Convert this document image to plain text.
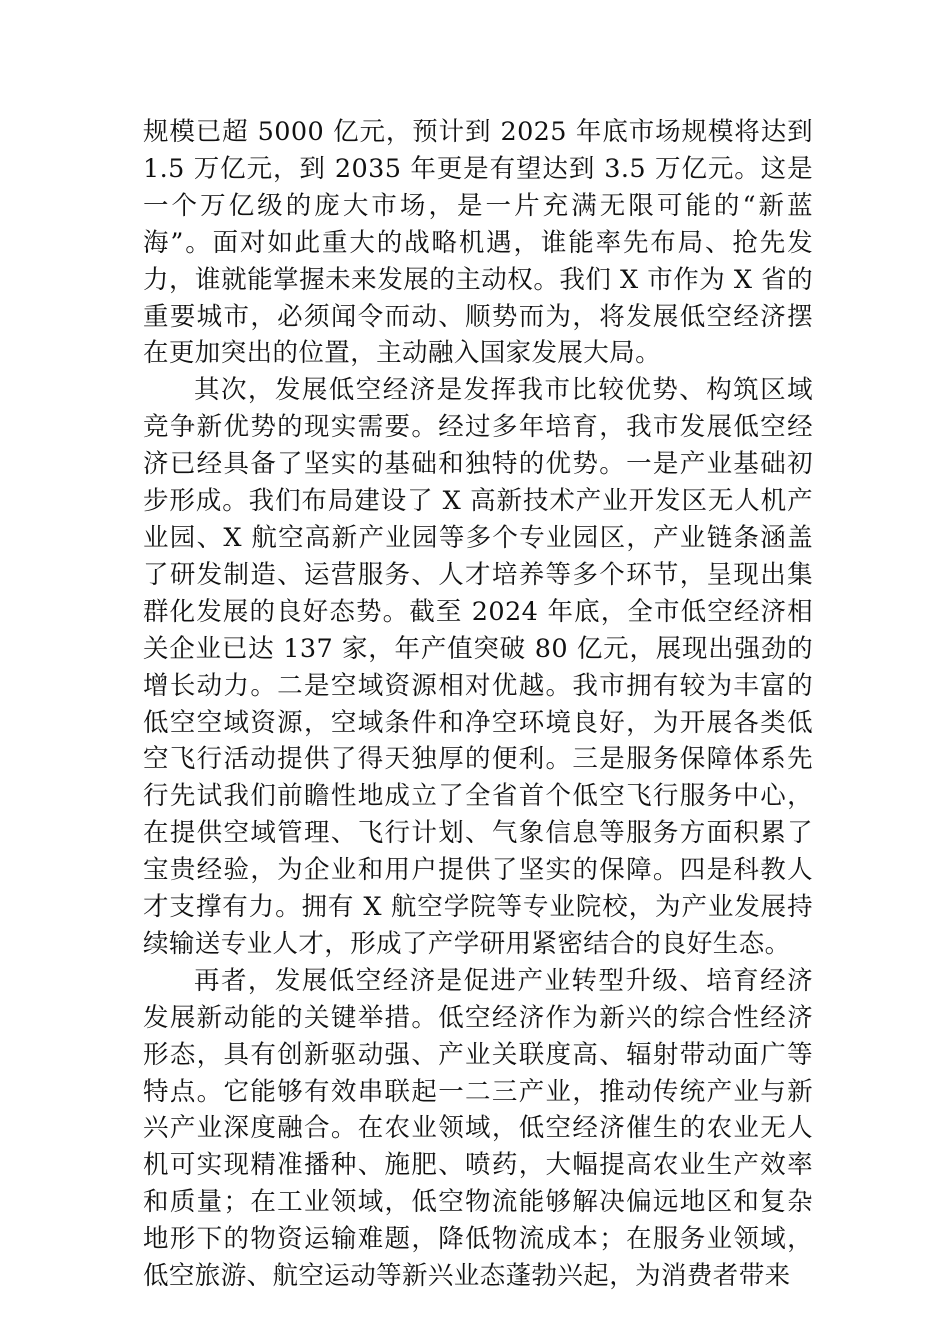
规模已超 5000 亿元，预计到 2025 年底市场规模将达到 1.5 万亿元，到 2035 年更是有望达到 3.5 万亿元。这是一个万亿级的庞大市场，是一片充满无限可能的“新蓝海”。面对如此重大的战略机遇，谁能率先布局、抢先发力，谁就能掌握未来发展的主动权。我们 X 市作为 X 省的重要城市，必须闻令而动、顺势而为，将发展低空经济摆在更加突出的位置，主动融入国家发展大局。

其次，发展低空经济是发挥我市比较优势、构筑区域竞争新优势的现实需要。经过多年培育，我市发展低空经济已经具备了坚实的基础和独特的优势。一是产业基础初步形成。我们布局建设了 X 高新技术产业开发区无人机产业园、X 航空高新产业园等多个专业园区，产业链条涵盖了研发制造、运营服务、人才培养等多个环节，呈现出集群化发展的良好态势。截至 2024 年底，全市低空经济相关企业已达 137 家，年产值突破 80 亿元，展现出强劲的增长动力。二是空域资源相对优越。我市拥有较为丰富的低空空域资源，空域条件和净空环境良好，为开展各类低空飞行活动提供了得天独厚的便利。三是服务保障体系先行先试我们前瞻性地成立了全省首个低空飞行服务中心，在提供空域管理、飞行计划、气象信息等服务方面积累了宝贵经验，为企业和用户提供了坚实的保障。四是科教人才支撑有力。拥有 X 航空学院等专业院校，为产业发展持续输送专业人才，形成了产学研用紧密结合的良好生态。

再者，发展低空经济是促进产业转型升级、培育经济发展新动能的关键举措。低空经济作为新兴的综合性经济形态，具有创新驱动强、产业关联度高、辐射带动面广等特点。它能够有效串联起一二三产业，推动传统产业与新兴产业深度融合。在农业领域，低空经济催生的农业无人机可实现精准播种、施肥、喷药，大幅提高农业生产效率和质量；在工业领域，低空物流能够解决偏远地区和复杂地形下的物资运输难题，降低物流成本；在服务业领域，低空旅游、航空运动等新兴业态蓬勃兴起，为消费者带来
